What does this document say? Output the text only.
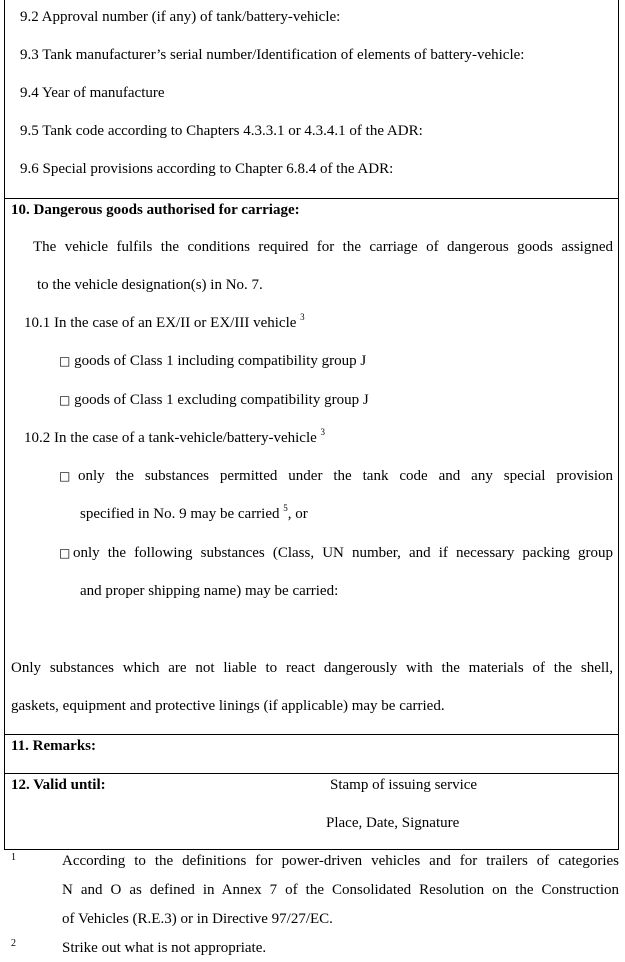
9.2 Approval number (if any) of tank/battery-vehicle:
9.3 Tank manufacturer’s serial number/Identification of elements of battery-vehicle:
9.4 Year of manufacture
9.5 Tank code according to Chapters 4.3.3.1 or 4.3.4.1 of the ADR:
9.6 Special provisions according to Chapter 6.8.4 of the ADR:
10. Dangerous goods authorised for carriage:
The vehicle fulfils the conditions required for the carriage of dangerous goods assigned
to the vehicle designation(s) in No. 7.
10.1 In the case of an EX/II or EX/III vehicle $^3$
□ goods of Class 1 including compatibility group J
□ goods of Class 1 excluding compatibility group J
10.2 In the case of a tank-vehicle/battery-vehicle $^3$
□ only the substances permitted under the tank code and any special provision
specified in No. 9 may be carried $^5$, or
□ only the following substances (Class, UN number, and if necessary packing group
and proper shipping name) may be carried:
Only substances which are not liable to react dangerously with the materials of the shell,
gaskets, equipment and protective linings (if applicable) may be carried.
11. Remarks:
12. Valid until:	Stamp of issuing service
Place, Date, Signature
1	According to the definitions for power-driven vehicles and for trailers of categories
N and O as defined in Annex 7 of the Consolidated Resolution on the Construction
of Vehicles (R.E.3) or in Directive 97/27/EC.
2	Strike out what is not appropriate.
